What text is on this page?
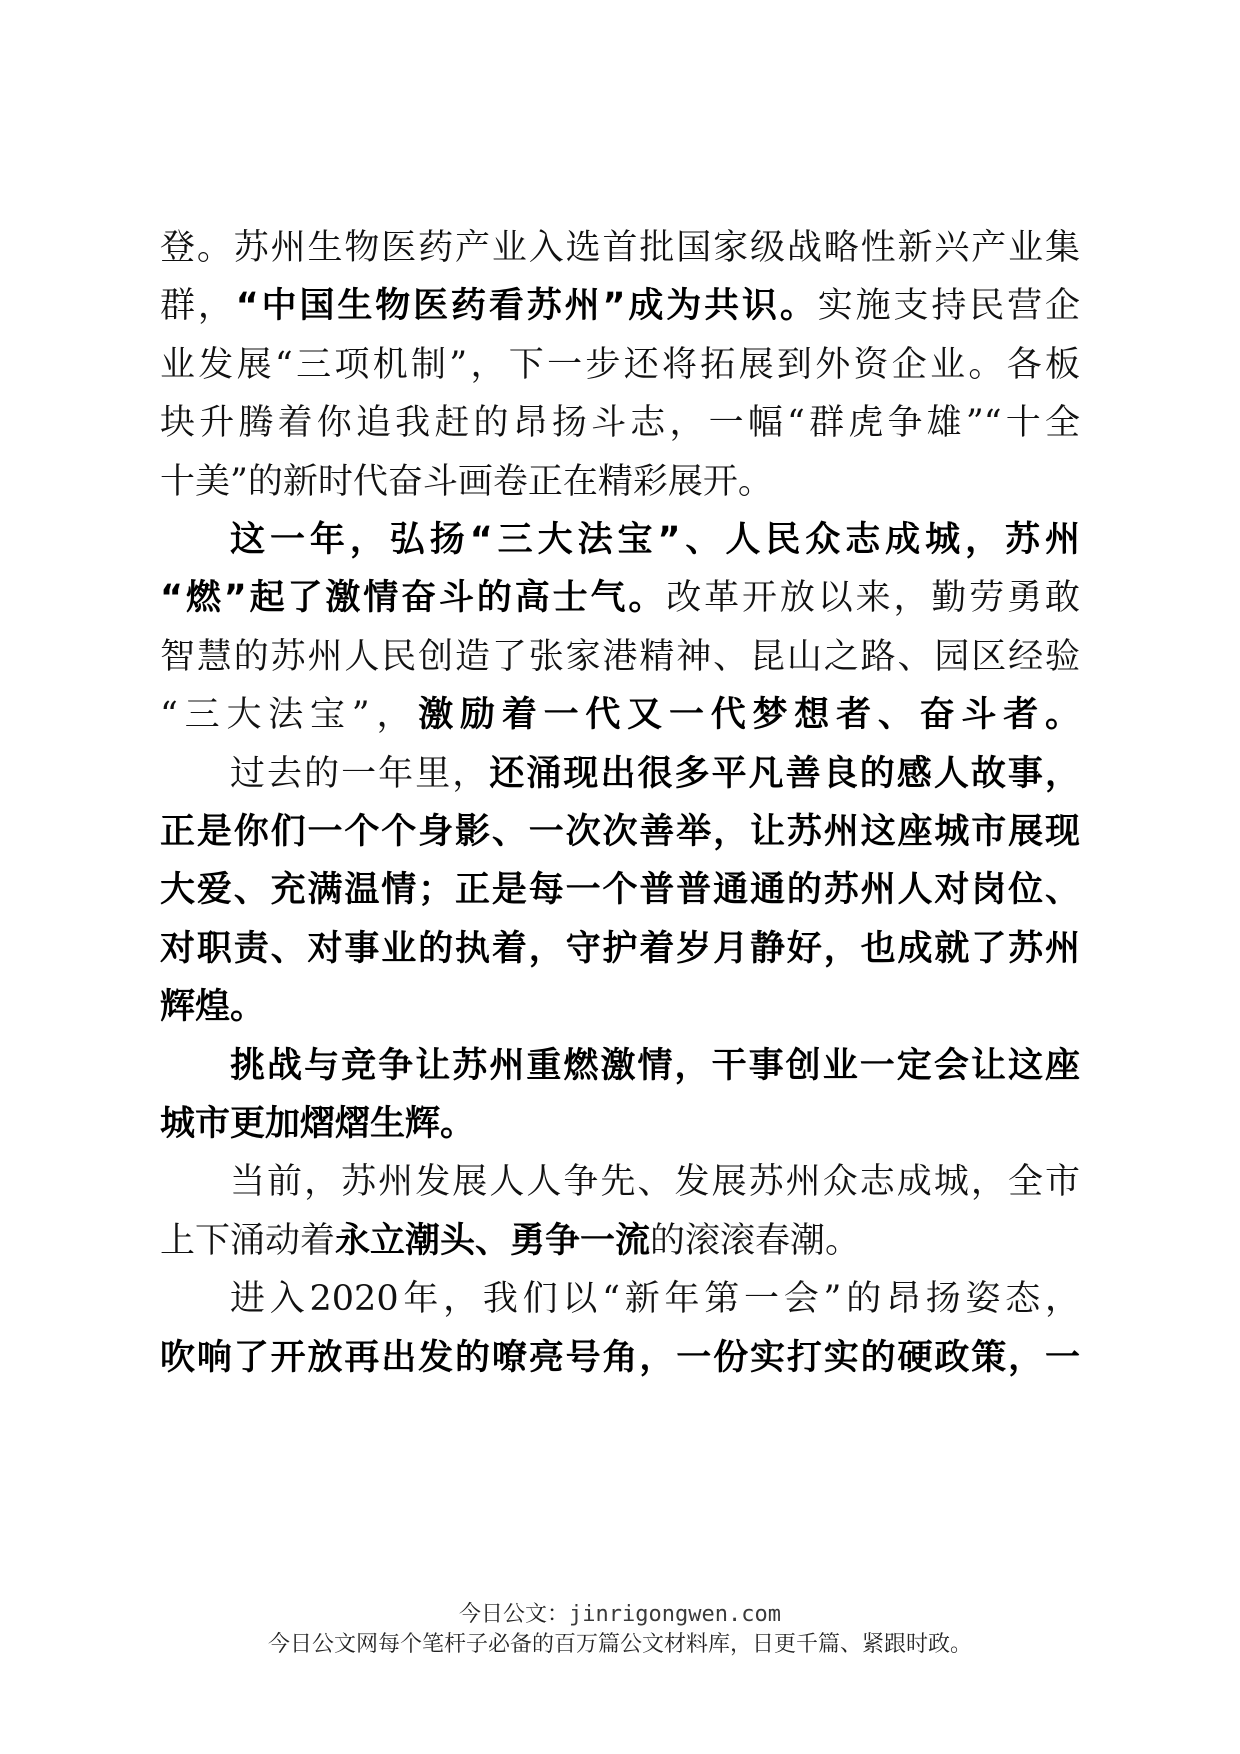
登。苏州生物医药产业入选首批国家级战略性新兴产业集
群，“中国生物医药看苏州”成为共识。实施支持民营企
业发展“三项机制”，下一步还将拓展到外资企业。各板
块升腾着你追我赶的昂扬斗志，一幅“群虎争雄”“十全
十美”的新时代奋斗画卷正在精彩展开。
这一年，弘扬“三大法宝”、人民众志成城，苏州
“燃”起了激情奋斗的高士气。改革开放以来，勤劳勇敢
智慧的苏州人民创造了张家港精神、昆山之路、园区经验
“三大法宝”，激励着一代又一代梦想者、奋斗者。
过去的一年里，还涌现出很多平凡善良的感人故事，
正是你们一个个身影、一次次善举，让苏州这座城市展现
大爱、充满温情；正是每一个普普通通的苏州人对岗位、
对职责、对事业的执着，守护着岁月静好，也成就了苏州
辉煌。
挑战与竞争让苏州重燃激情，干事创业一定会让这座
城市更加熠熠生辉。
当前，苏州发展人人争先、发展苏州众志成城，全市
上下涌动着永立潮头、勇争一流的滚滚春潮。
进入2020年，我们以“新年第一会”的昂扬姿态，
吹响了开放再出发的嘹亮号角，一份实打实的硬政策，一
今日公文：jinrigongwen.com
今日公文网每个笔杆子必备的百万篇公文材料库，日更千篇、紧跟时政。
